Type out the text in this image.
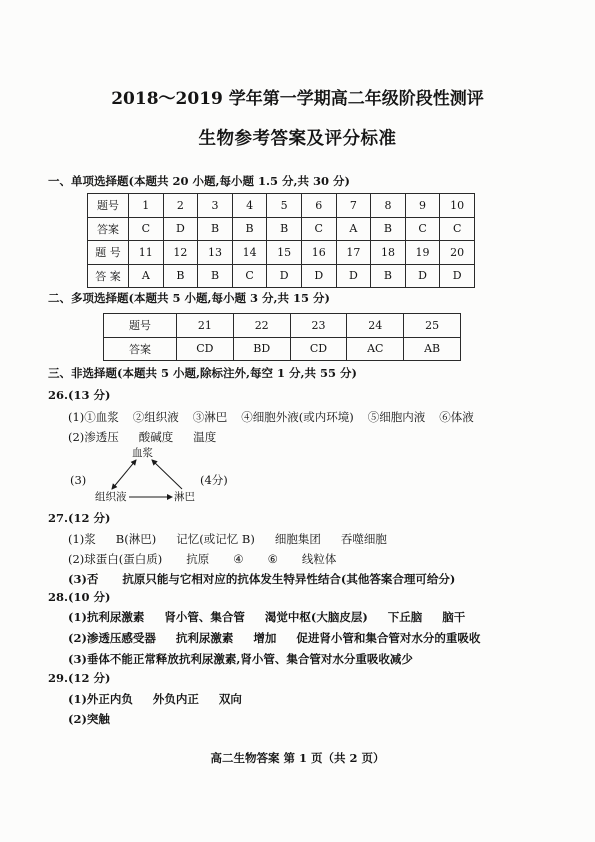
2018～2019 学年第一学期高二年级阶段性测评
生物参考答案及评分标准
一、单项选择题(本题共 20 小题,每小题 1.5 分,共 30 分)
题号	1	2	3	4	5	6	7	8	9	10
答案	C	D	B	B	B	C	A	B	C	C
题 号	11	12	13	14	15	16	17	18	19	20
答 案	A	B	B	C	D	D	D	B	D	D
二、多项选择题(本题共 5 小题,每小题 3 分,共 15 分)
题号	21	22	23	24	25
答案	CD	BD	CD	AC	AB
三、非选择题(本题共 5 小题,除标注外,每空 1 分,共 55 分)
26.(13 分)
(1) ①血浆 ②组织液 ③淋巴 ④细胞外液(或内环境) ⑤细胞内液 ⑥体液
(2) 渗透压 酸碱度 温度
(3)
血浆
组织液	淋巴
(4分)
27.(12 分)
(1) 浆 B(淋巴) 记忆(或记忆 B) 细胞集团 吞噬细胞
(2) 球蛋白(蛋白质) 抗原 ④ ⑥ 线粒体
(3) 否 抗原只能与它相对应的抗体发生特异性结合(其他答案合理可给分)
28.(10 分)
(1) 抗利尿激素 肾小管、集合管 渴觉中枢(大脑皮层) 下丘脑 脑干
(2) 渗透压感受器 抗利尿激素 增加 促进肾小管和集合管对水分的重吸收
(3) 垂体不能正常释放抗利尿激素,肾小管、集合管对水分重吸收减少
29.(12 分)
(1) 外正内负 外负内正 双向
(2) 突触
高二生物答案 第 1 页（共 2 页）
